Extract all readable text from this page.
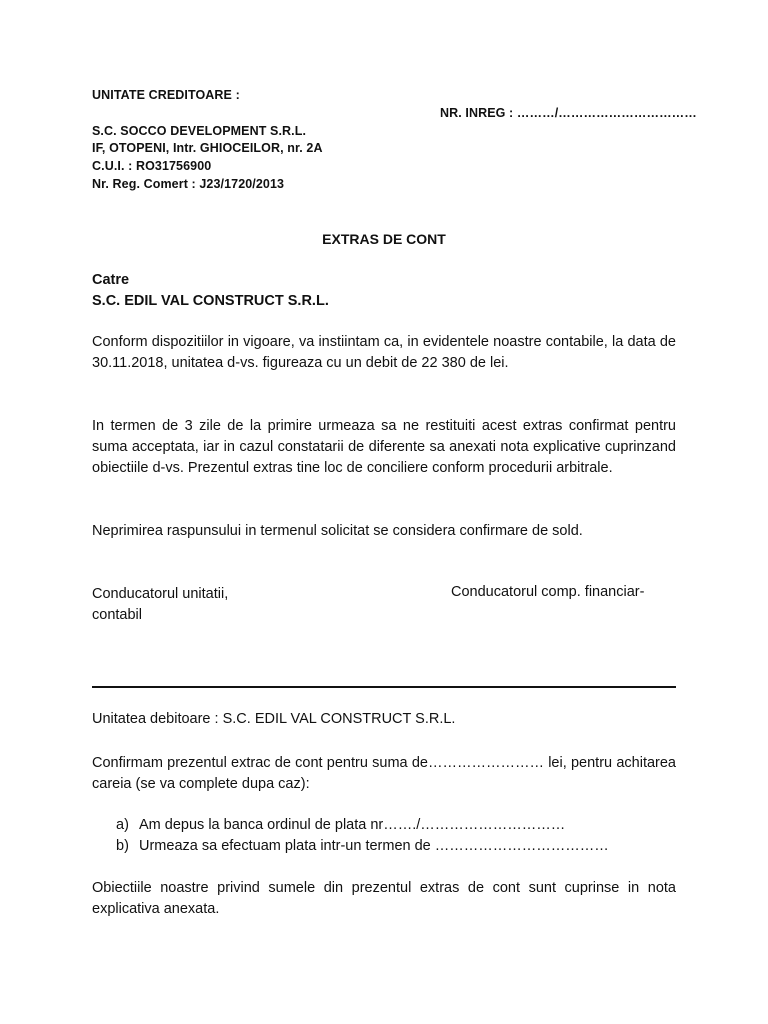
UNITATE CREDITOARE :
NR. INREG : ………/……………………………
S.C. SOCCO DEVELOPMENT S.R.L.
IF, OTOPENI, Intr. GHIOCEILOR, nr. 2A
C.U.I. : RO31756900
Nr. Reg. Comert : J23/1720/2013
EXTRAS DE CONT
Catre
S.C. EDIL VAL CONSTRUCT S.R.L.
Conform dispozitiilor in vigoare, va instiintam ca, in evidentele noastre contabile, la data de 30.11.2018, unitatea d-vs. figureaza cu un debit de 22 380 de lei.
In termen de 3 zile de la primire urmeaza sa ne restituiti acest extras confirmat pentru suma acceptata, iar in cazul constatarii de diferente sa anexati nota explicative cuprinzand obiectiile d-vs. Prezentul extras tine loc de conciliere conform procedurii arbitrale.
Neprimirea raspunsului in termenul solicitat se considera confirmare de sold.
Conducatorul unitatii,
contabil
Conducatorul comp. financiar-
Unitatea debitoare : S.C. EDIL VAL CONSTRUCT S.R.L.
Confirmam prezentul extrac de cont pentru suma de…………………… lei, pentru achitarea careia (se va complete dupa caz):
a) Am depus la banca ordinul de plata nr……./…………………………
b) Urmeaza sa efectuam plata intr-un termen de ………………………………
Obiectiile noastre privind sumele din prezentul extras de cont sunt cuprinse in nota explicativa anexata.
